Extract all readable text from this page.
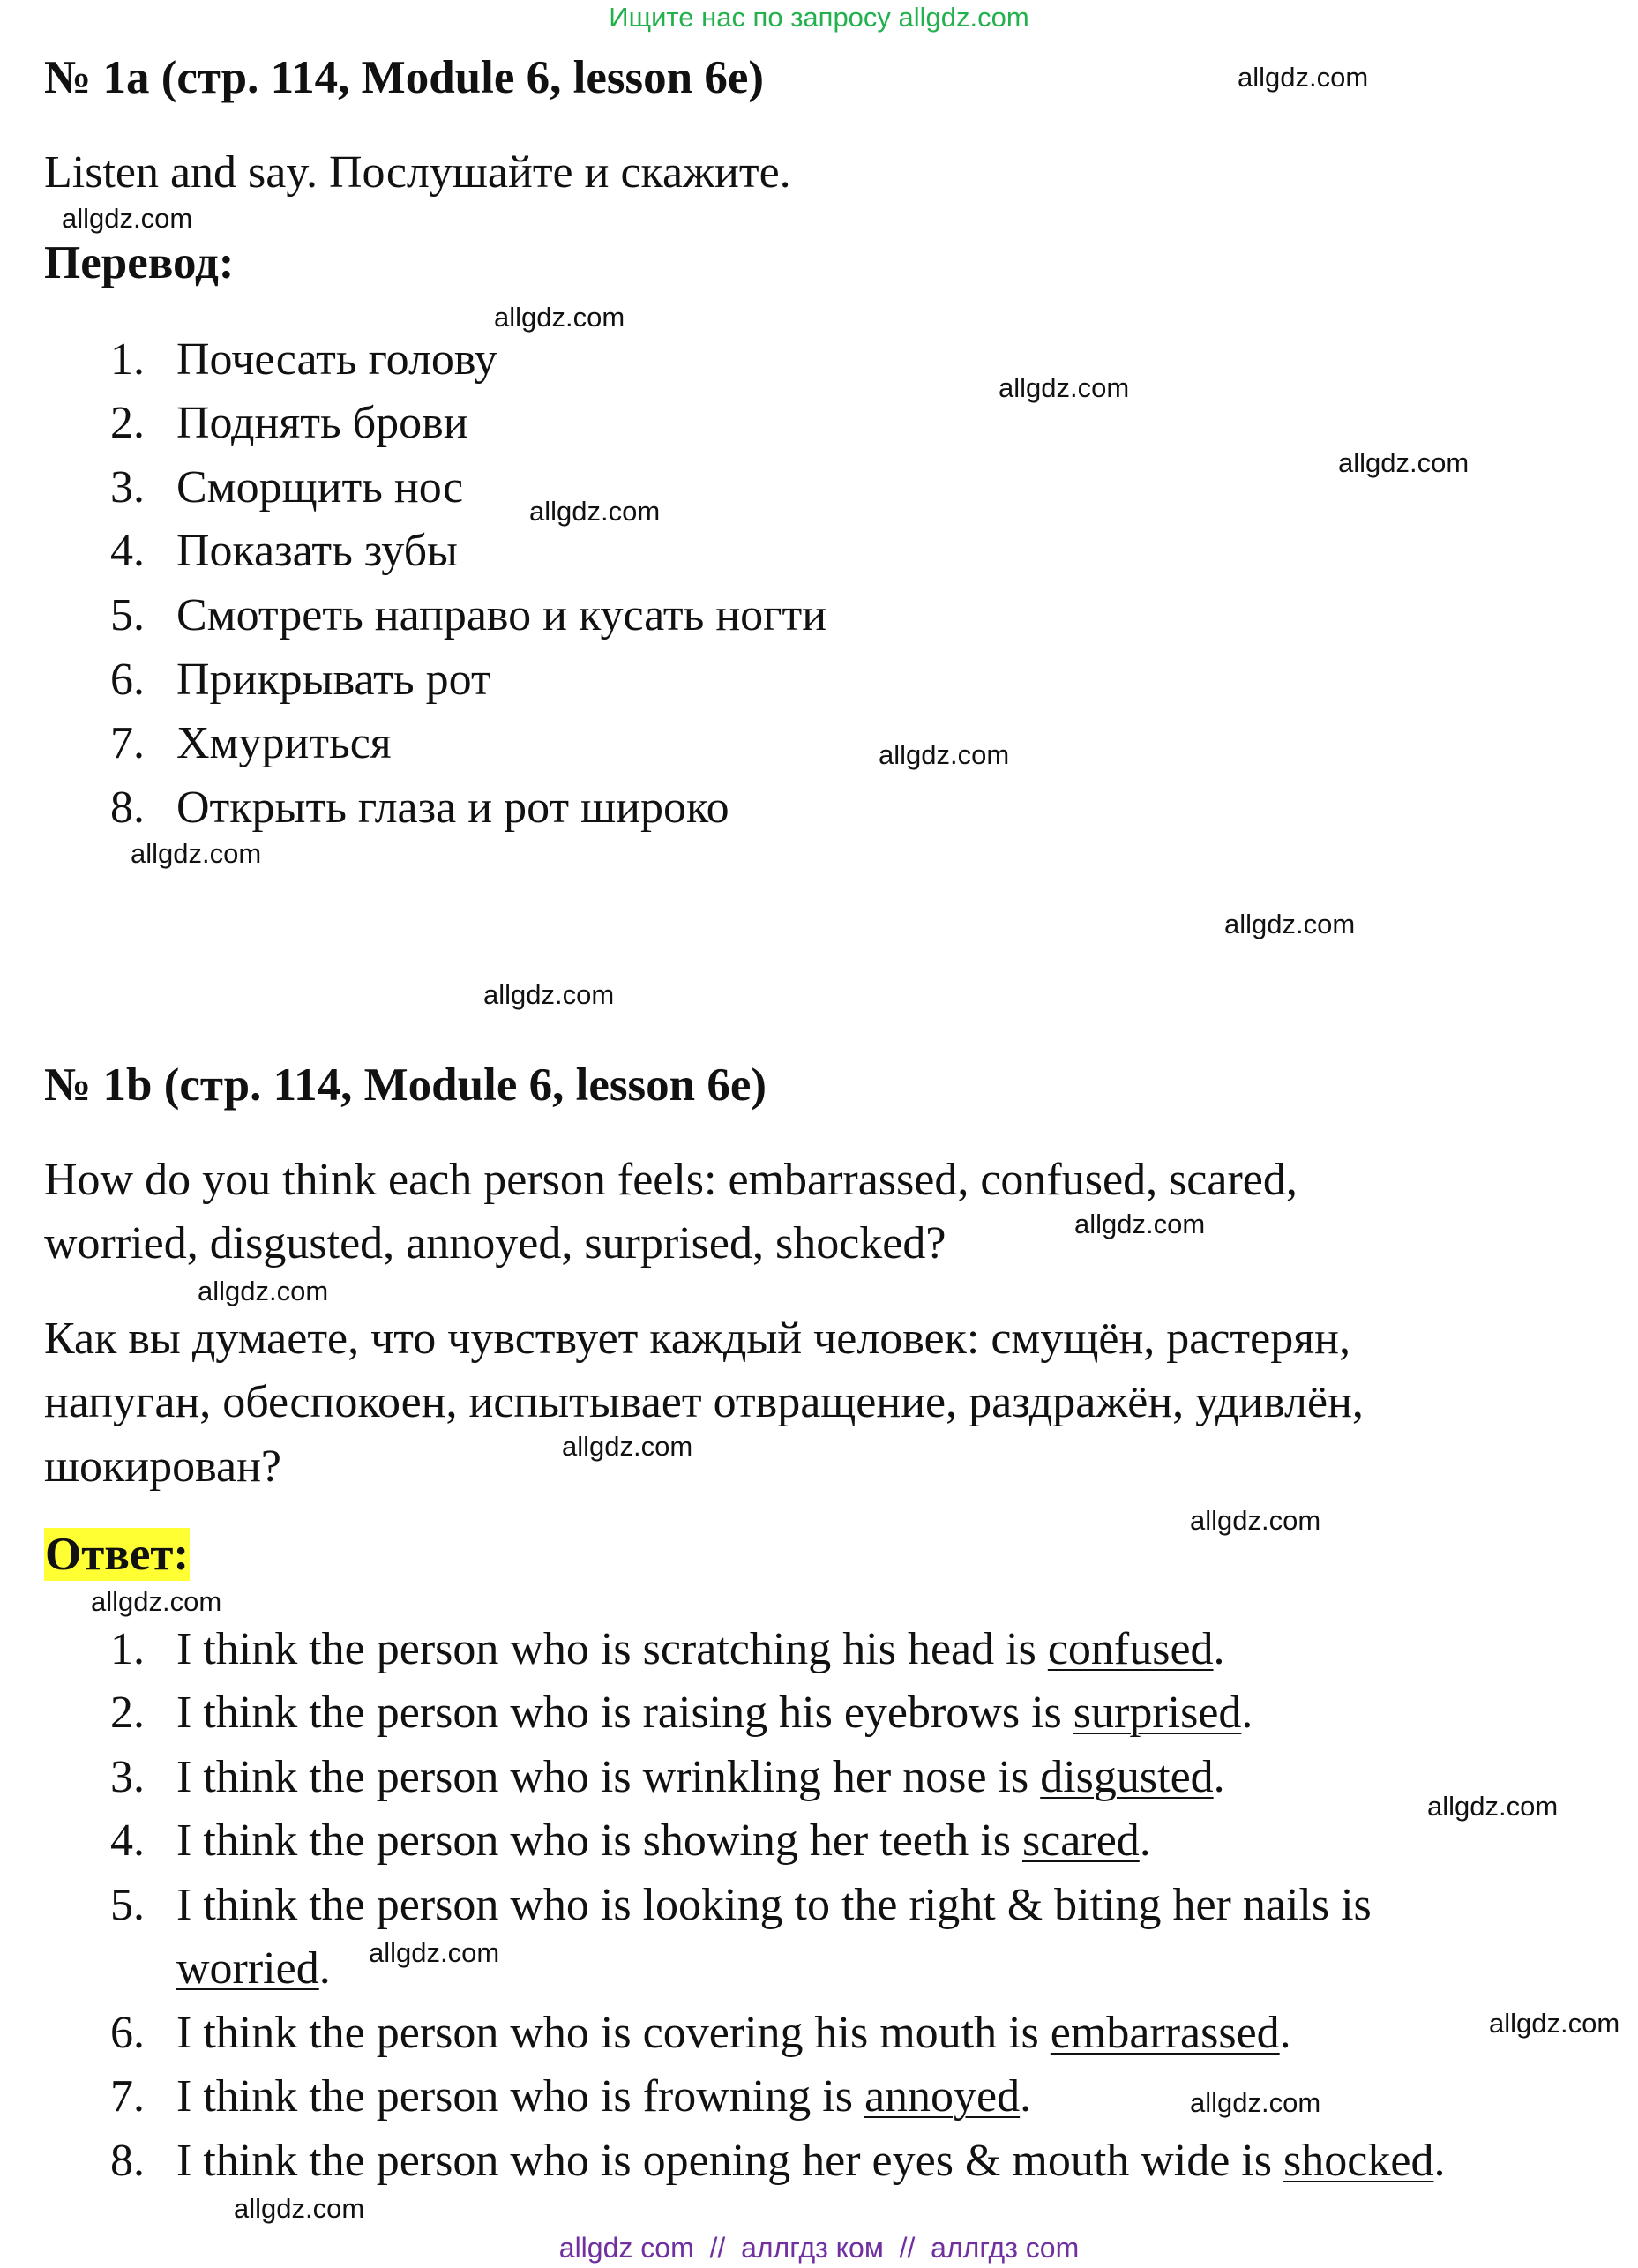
Ищите нас по запросу allgdz.com
№ 1a (стр. 114, Module 6, lesson 6e)
Listen and say. Послушайте и скажите.
Перевод:
1. Почесать голову
2. Поднять брови
3. Сморщить нос
4. Показать зубы
5. Смотреть направо и кусать ногти
6. Прикрывать рот
7. Хмуриться
8. Открыть глаза и рот широко
№ 1b (стр. 114, Module 6, lesson 6e)
How do you think each person feels: embarrassed, confused, scared,
worried, disgusted, annoyed, surprised, shocked?
Как вы думаете, что чувствует каждый человек: смущён, растерян,
напуган, обеспокоен, испытывает отвращение, раздражён, удивлён,
шокирован?
Ответ:
1. I think the person who is scratching his head is confused.
2. I think the person who is raising his eyebrows is surprised.
3. I think the person who is wrinkling her nose is disgusted.
4. I think the person who is showing her teeth is scared.
5. I think the person who is looking to the right & biting her nails is
worried.
6. I think the person who is covering his mouth is embarrassed.
7. I think the person who is frowning is annoyed.
8. I think the person who is opening her eyes & mouth wide is shocked.
allgdz.com
allgdz.com
allgdz.com
allgdz.com
allgdz.com
allgdz.com
allgdz.com
allgdz.com
allgdz.com
allgdz.com
allgdz.com
allgdz.com
allgdz.com
allgdz.com
allgdz.com
allgdz.com
allgdz.com
allgdz.com
allgdz.com
allgdz.com
allgdz com  //  аллгдз ком  //  аллгдз com
